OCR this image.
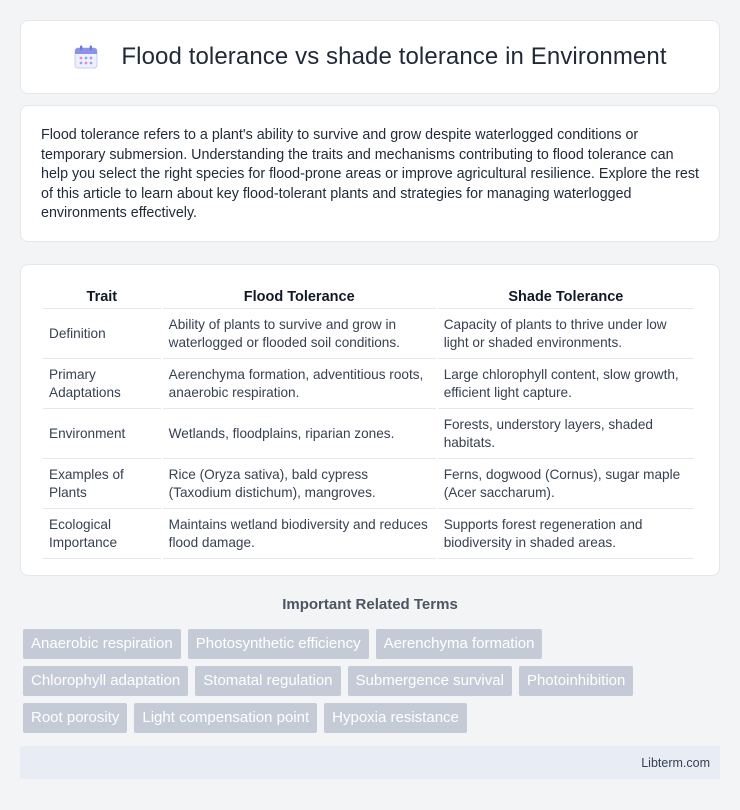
Flood tolerance vs shade tolerance in Environment

Flood tolerance refers to a plant's ability to survive and grow despite waterlogged conditions or temporary submersion. Understanding the traits and mechanisms contributing to flood tolerance can help you select the right species for flood-prone areas or improve agricultural resilience. Explore the rest of this article to learn about key flood-tolerant plants and strategies for managing waterlogged environments effectively.

Trait	Flood Tolerance	Shade Tolerance
Definition	Ability of plants to survive and grow in waterlogged or flooded soil conditions.	Capacity of plants to thrive under low light or shaded environments.
Primary Adaptations	Aerenchyma formation, adventitious roots, anaerobic respiration.	Large chlorophyll content, slow growth, efficient light capture.
Environment	Wetlands, floodplains, riparian zones.	Forests, understory layers, shaded habitats.
Examples of Plants	Rice (Oryza sativa), bald cypress (Taxodium distichum), mangroves.	Ferns, dogwood (Cornus), sugar maple (Acer saccharum).
Ecological Importance	Maintains wetland biodiversity and reduces flood damage.	Supports forest regeneration and biodiversity in shaded areas.
Important Related Terms
Anaerobic respiration	Photosynthetic efficiency	Aerenchyma formation
Chlorophyll adaptation	Stomatal regulation	Submergence survival	Photoinhibition
Root porosity	Light compensation point	Hypoxia resistance
Libterm.com
